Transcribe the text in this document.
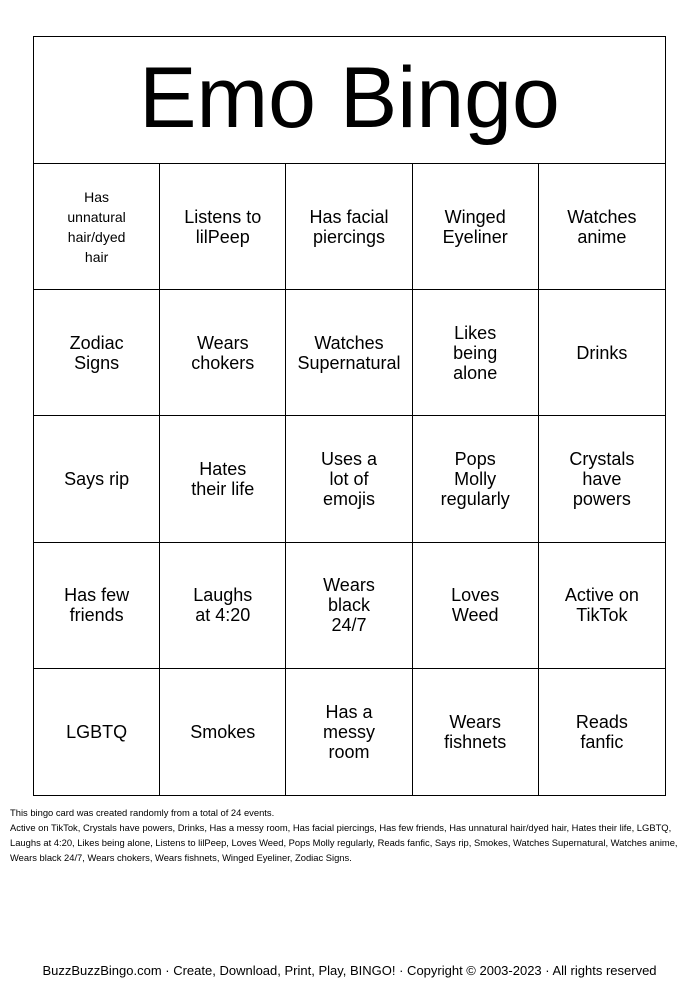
Emo Bingo
Has unnatural hair/dyed hair
Listens to lilPeep
Has facial piercings
Winged Eyeliner
Watches anime
Zodiac Signs
Wears chokers
Watches Supernatural
Likes being alone
Drinks
Says rip	Hates their life
Uses a lot of emojis
Pops Molly regularly
Crystals have powers
Has few friends
Laughs at 4:20
Wears black 24/7
Loves Weed
Active on TikTok
LGBTQ	Smokes
Has a messy room
Wears fishnets
Reads fanfic
This bingo card was created randomly from a total of 24 events.
Active on TikTok, Crystals have powers, Drinks, Has a messy room, Has facial piercings, Has few friends, Has unnatural hair/dyed hair, Hates their life, LGBTQ, Laughs at 4:20, Likes being alone, Listens to lilPeep, Loves Weed, Pops Molly regularly, Reads fanfic, Says rip, Smokes, Watches Supernatural, Watches anime, Wears black 24/7, Wears chokers, Wears fishnets, Winged Eyeliner, Zodiac Signs.
BuzzBuzzBingo.com · Create, Download, Print, Play, BINGO! · Copyright © 2003-2023 · All rights reserved
